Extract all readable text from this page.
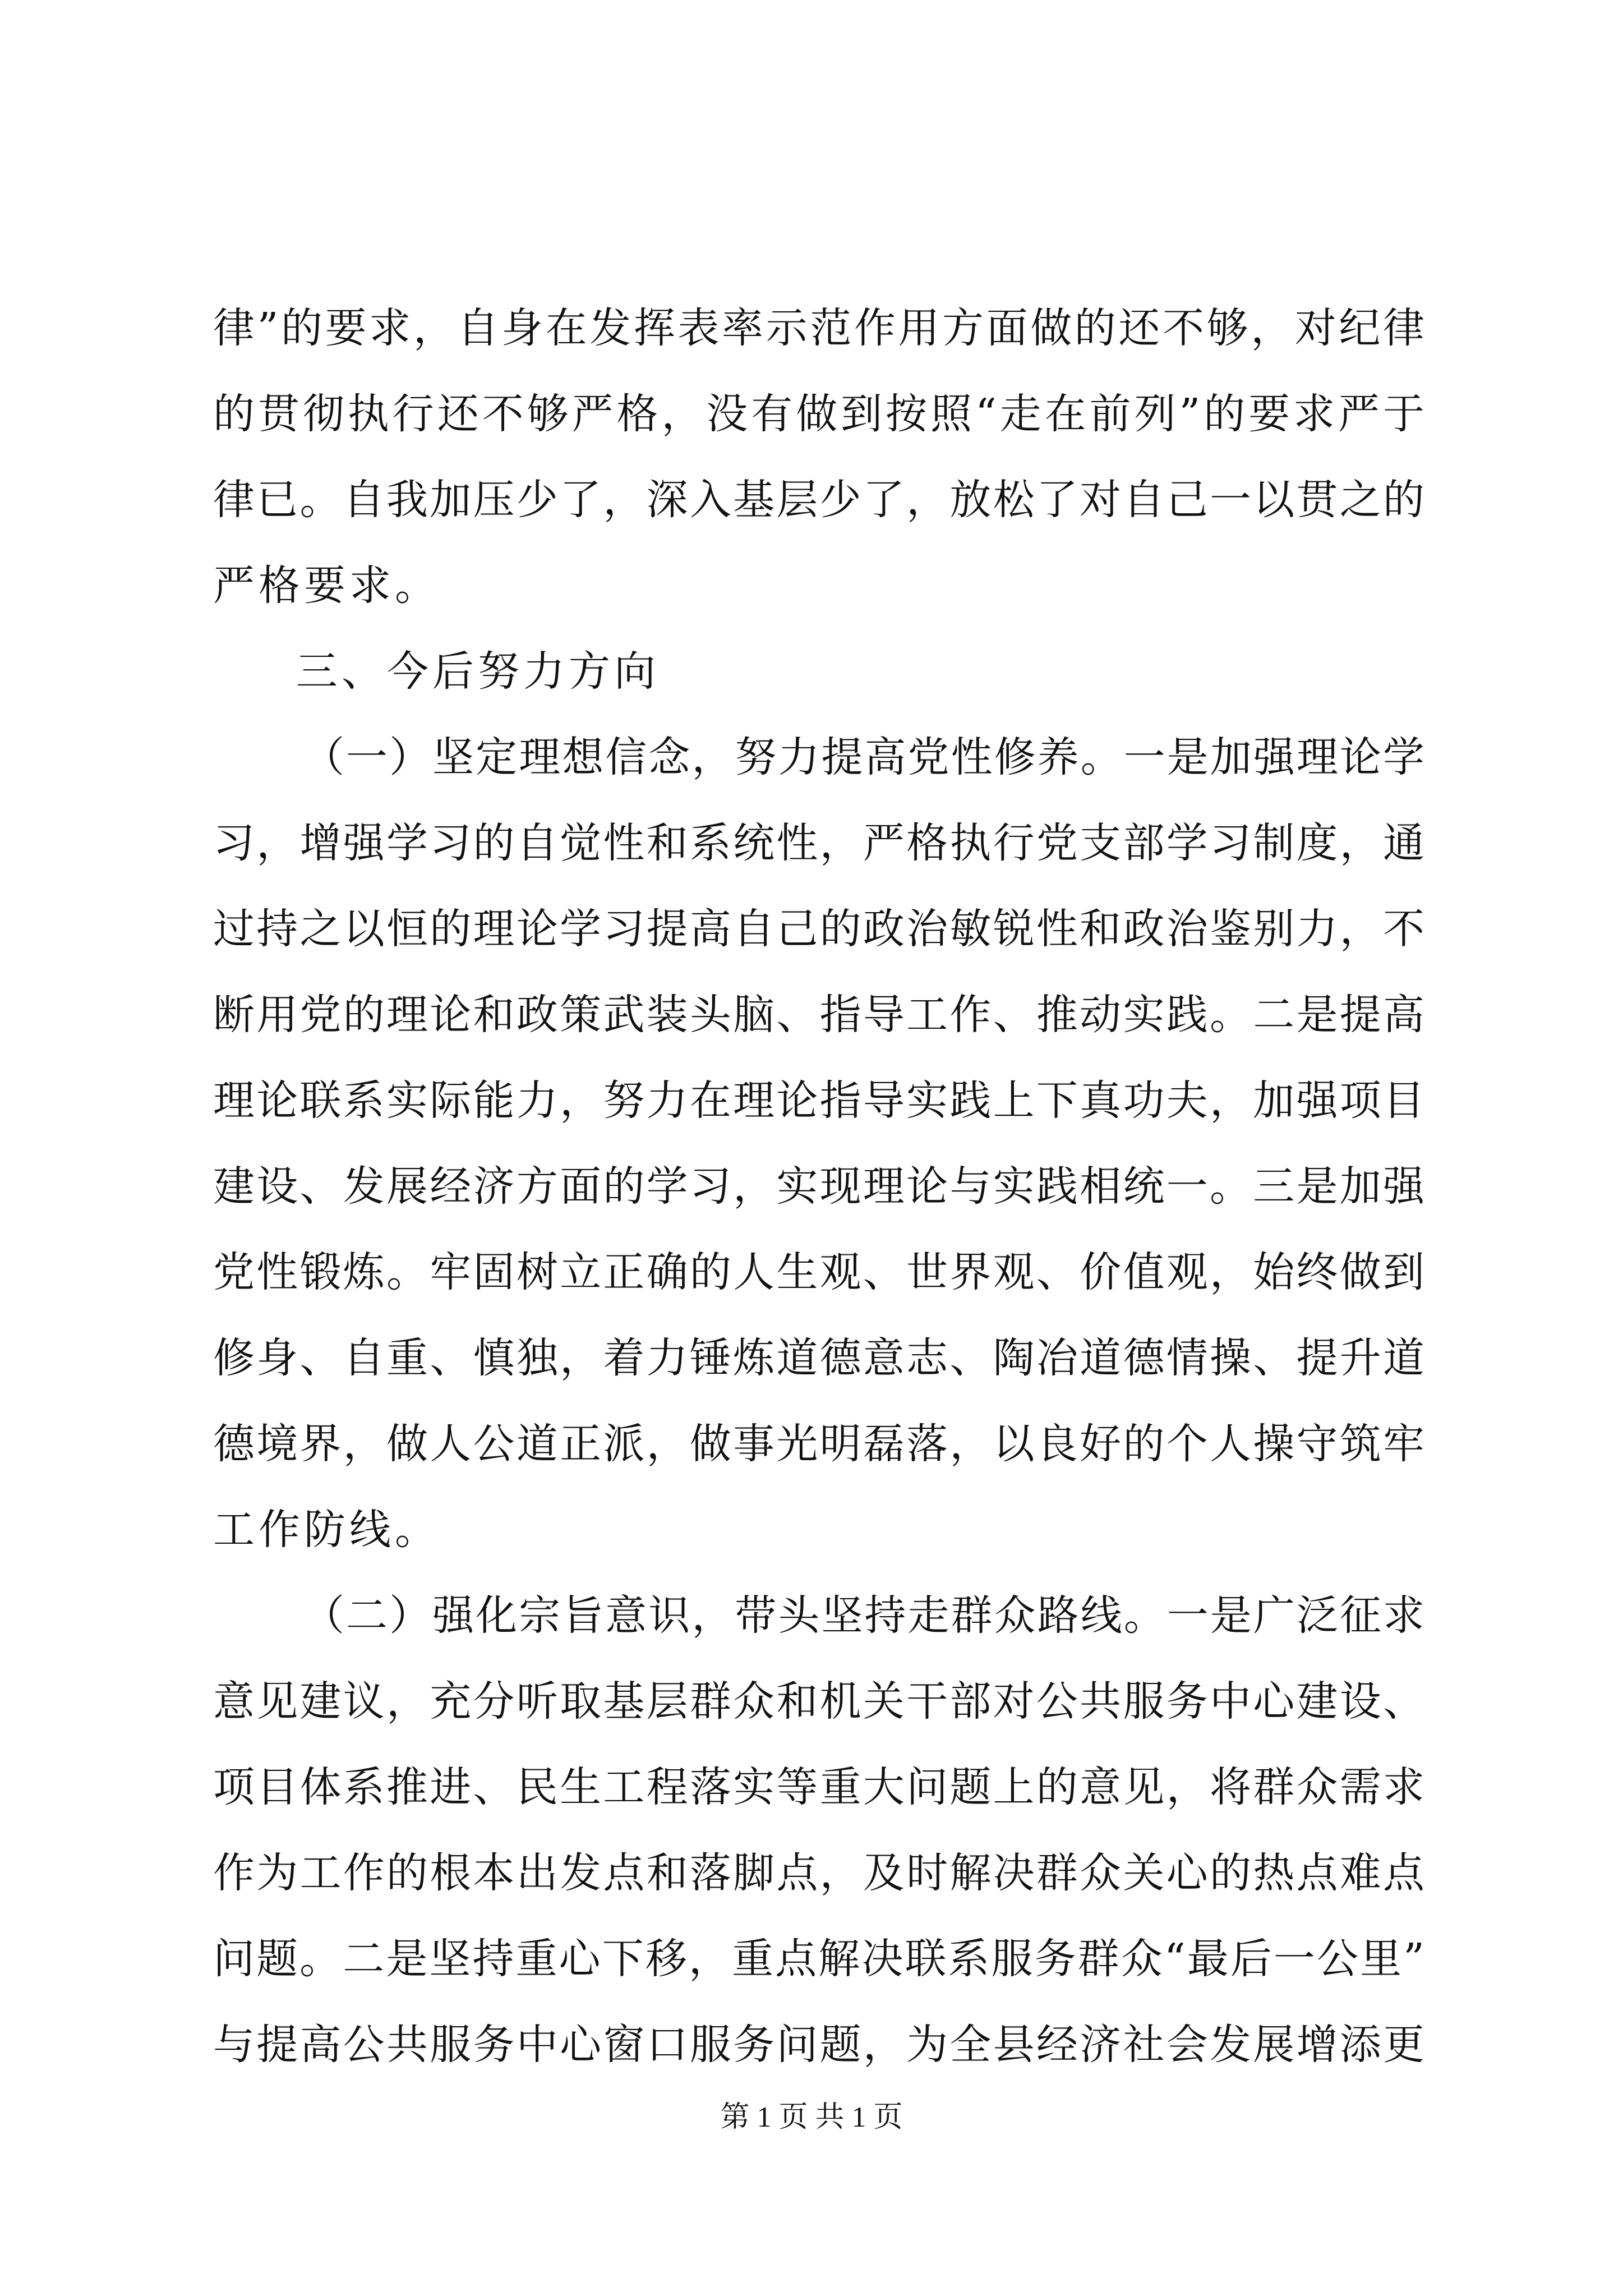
律”的要求，自身在发挥表率示范作用方面做的还不够，对纪律
的贯彻执行还不够严格，没有做到按照“走在前列”的要求严于
律已。自我加压少了，深入基层少了，放松了对自己一以贯之的
严格要求。
三、今后努力方向
（一）坚定理想信念，努力提高党性修养。一是加强理论学
习，增强学习的自觉性和系统性，严格执行党支部学习制度，通
过持之以恒的理论学习提高自己的政治敏锐性和政治鉴别力，不
断用党的理论和政策武装头脑、指导工作、推动实践。二是提高
理论联系实际能力，努力在理论指导实践上下真功夫，加强项目
建设、发展经济方面的学习，实现理论与实践相统一。三是加强
党性锻炼。牢固树立正确的人生观、世界观、价值观，始终做到
修身、自重、慎独，着力锤炼道德意志、陶冶道德情操、提升道
德境界，做人公道正派，做事光明磊落，以良好的个人操守筑牢
工作防线。
（二）强化宗旨意识，带头坚持走群众路线。一是广泛征求
意见建议，充分听取基层群众和机关干部对公共服务中心建设、
项目体系推进、民生工程落实等重大问题上的意见，将群众需求
作为工作的根本出发点和落脚点，及时解决群众关心的热点难点
问题。二是坚持重心下移，重点解决联系服务群众“最后一公里”
与提高公共服务中心窗口服务问题，为全县经济社会发展增添更
第 1 页 共 1 页
